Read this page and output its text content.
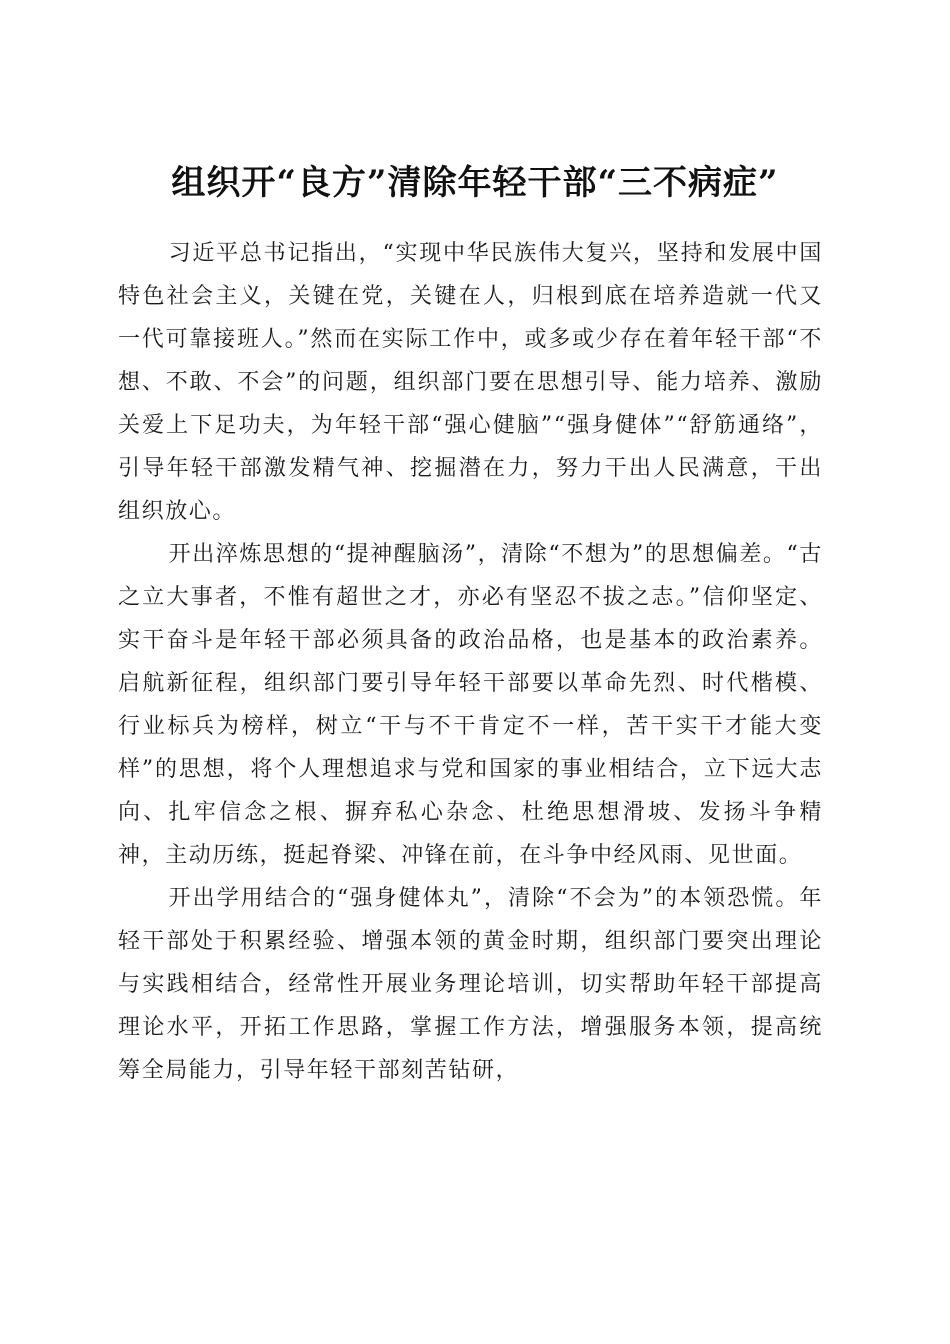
组织开“良方”清除年轻干部“三不病症”

习近平总书记指出，“实现中华民族伟大复兴，坚持和发展中国特色社会主义，关键在党，关键在人，归根到底在培养造就一代又一代可靠接班人。”然而在实际工作中，或多或少存在着年轻干部“不想、不敢、不会”的问题，组织部门要在思想引导、能力培养、激励关爱上下足功夫，为年轻干部“强心健脑”“强身健体”“舒筋通络”，引导年轻干部激发精气神、挖掘潜在力，努力干出人民满意，干出组织放心。

开出淬炼思想的“提神醒脑汤”，清除“不想为”的思想偏差。“古之立大事者，不惟有超世之才，亦必有坚忍不拔之志。”信仰坚定、实干奋斗是年轻干部必须具备的政治品格，也是基本的政治素养。启航新征程，组织部门要引导年轻干部要以革命先烈、时代楷模、行业标兵为榜样，树立“干与不干肯定不一样，苦干实干才能大变样”的思想，将个人理想追求与党和国家的事业相结合，立下远大志向、扎牢信念之根、摒弃私心杂念、杜绝思想滑坡、发扬斗争精神，主动历练，挺起脊梁、冲锋在前，在斗争中经风雨、见世面。

开出学用结合的“强身健体丸”，清除“不会为”的本领恐慌。年轻干部处于积累经验、增强本领的黄金时期，组织部门要突出理论与实践相结合，经常性开展业务理论培训，切实帮助年轻干部提高理论水平，开拓工作思路，掌握工作方法，增强服务本领，提高统筹全局能力，引导年轻干部刻苦钻研，
